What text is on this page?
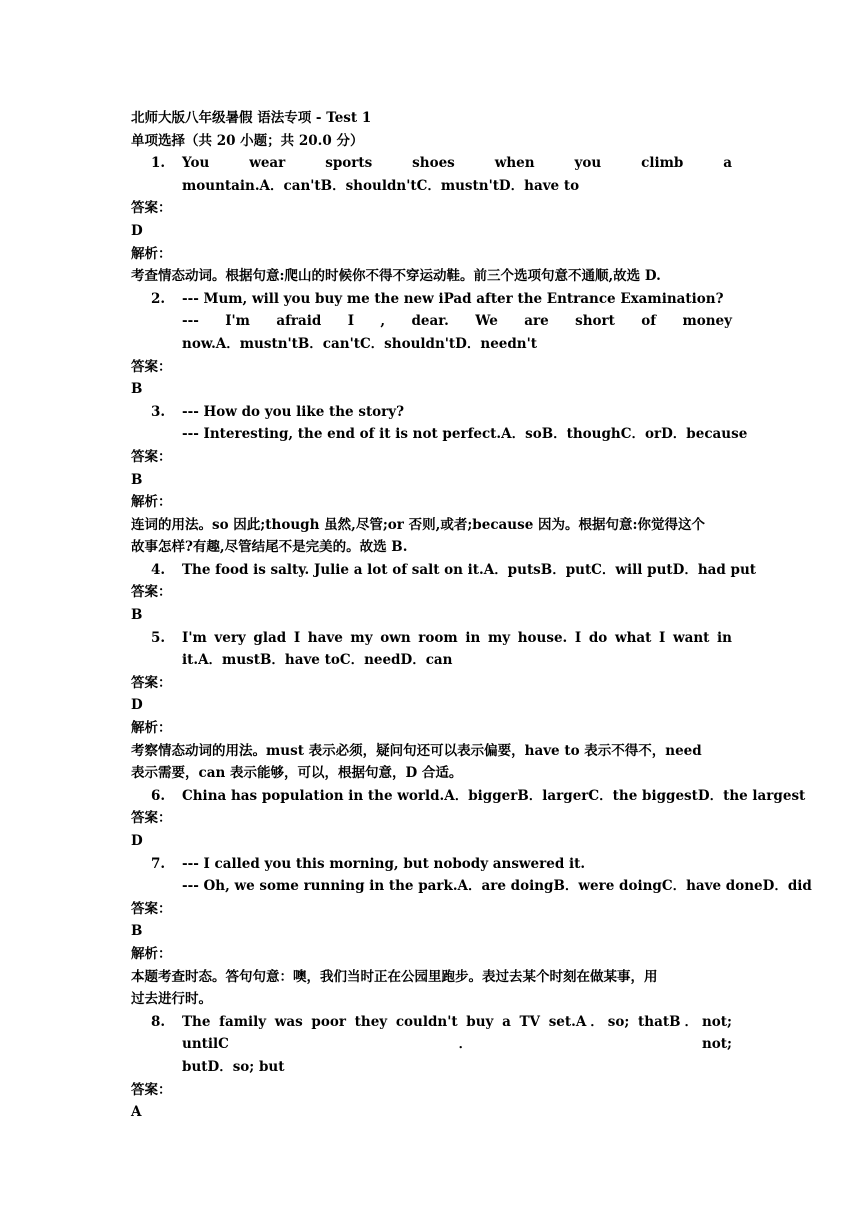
北师大版八年级暑假 语法专项 - Test 1
单项选择（共 20 小题；共 20.0 分）
1. You wear sports shoes when you climb a
mountain.A．can'tB．shouldn'tC．mustn'tD．have to
答案：
D
解析：
考查情态动词。根据句意:爬山的时候你不得不穿运动鞋。前三个选项句意不通顺,故选 D.
2. --- Mum, will you buy me the new iPad after the Entrance Examination?
--- I'm afraid I , dear. We are short of money
now.A．mustn'tB．can'tC．shouldn'tD．needn't
答案：
B
3. --- How do you like the story?
--- Interesting, the end of it is not perfect.A．soB．thoughC．orD．because
答案：
B
解析：
连词的用法。so 因此;though 虽然,尽管;or 否则,或者;because 因为。根据句意:你觉得这个
故事怎样?有趣,尽管结尾不是完美的。故选 B.
4. The food is salty. Julie a lot of salt on it.A．putsB．putC．will putD．had put
答案：
B
5. I'm very glad I have my own room in my house. I do what I want in
it.A．mustB．have toC．needD．can
答案：
D
解析：
考察情态动词的用法。must 表示必须，疑问句还可以表示偏要，have to 表示不得不，need
表示需要，can 表示能够，可以，根据句意，D 合适。
6. China has population in the world.A．biggerB．largerC．the biggestD．the largest
答案：
D
7. --- I called you this morning, but nobody answered it.
--- Oh, we some running in the park.A．are doingB．were doingC．have doneD．did
答案：
B
解析：
本题考查时态。答句句意：噢，我们当时正在公园里跑步。表过去某个时刻在做某事，用
过去进行时。
8. The family was poor they couldn't buy a TV set.A．so; thatB．not; untilC．not;
butD．so; but
答案：
A
